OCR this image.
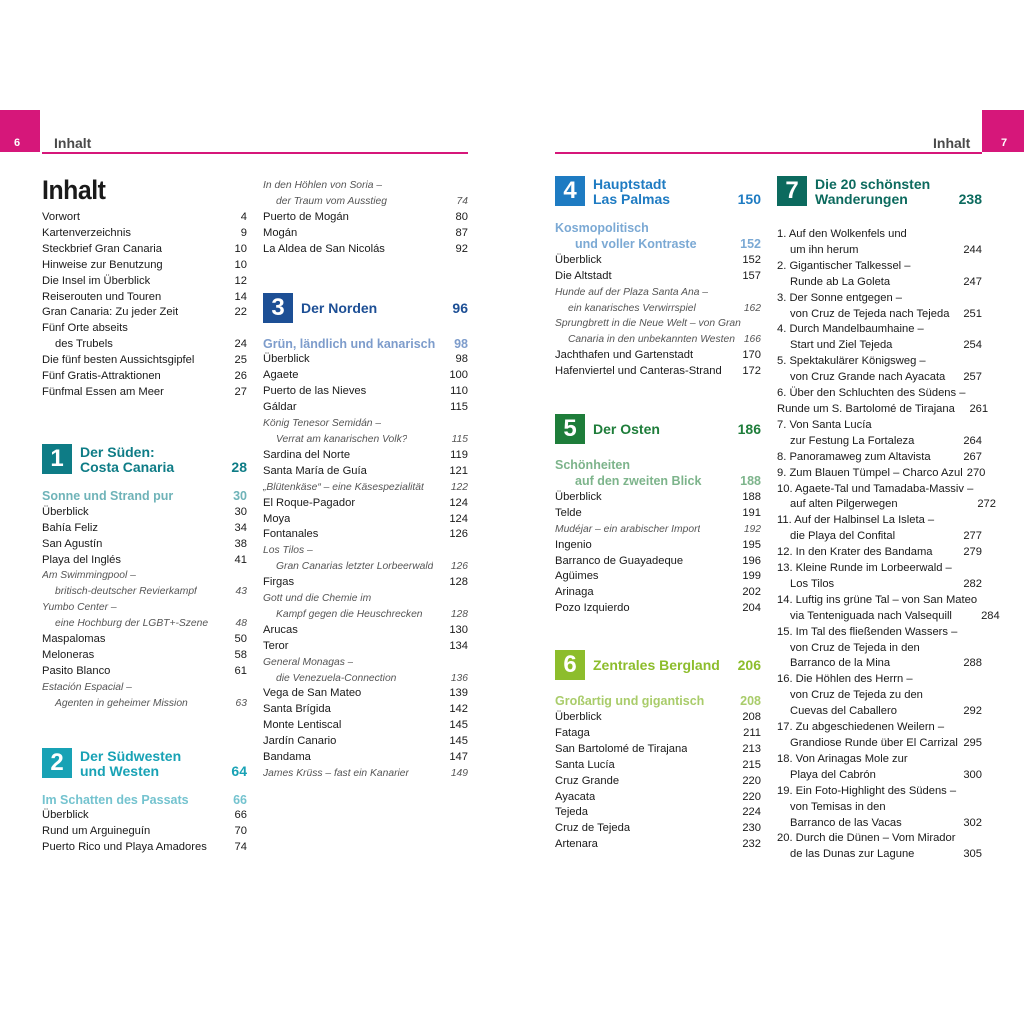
6 Inhalt	7
Inhalt
Inhalt
Vorwort	4
Kartenverzeichnis	9
Steckbrief Gran Canaria	10
Hinweise zur Benutzung	10
Die Insel im Überblick	12
Reiserouten und Touren	14
Gran Canaria: Zu jeder Zeit	22
Fünf Orte abseits
des Trubels	24
Die fünf besten Aussichtsgipfel	25
Fünf Gratis-Attraktionen	26
Fünfmal Essen am Meer	27
1	Der Süden:
Costa Canaria	28
Sonne und Strand pur	30
Überblick	30
Bahía Feliz	34
San Agustín	38
Playa del Inglés	41
Am Swimmingpool –
britisch-deutscher Revierkampf	43
Yumbo Center –
eine Hochburg der LGBT+-Szene	48
Maspalomas	50
Meloneras	58
Pasito Blanco	61
Estación Espacial –
Agenten in geheimer Mission	63
2	Der Südwesten
und Westen	64
Im Schatten des Passats	66
Überblick	66
Rund um Arguineguín	70
Puerto Rico und Playa Amadores	74
In den Höhlen von Soria –
der Traum vom Ausstieg	74
Puerto de Mogán	80
Mogán	87
La Aldea de San Nicolás	92
3	Der Norden	96
Grün, ländlich und kanarisch 98
Überblick	98
Agaete	100
Puerto de las Nieves	110
Gáldar	115
König Tenesor Semidán –
Verrat am kanarischen Volk?	115
Sardina del Norte	119
Santa María de Guía	121
„Blütenkäse“ – eine Käsespezialität	122
El Roque-Pagador	124
Moya	124
Fontanales	126
Los Tilos –
Gran Canarias letzter Lorbeerwald	126
Firgas	128
Gott und die Chemie im
Kampf gegen die Heuschrecken	128
Arucas	130
Teror	134
General Monagas –
die Venezuela-Connection	136
Vega de San Mateo	139
Santa Brígida	142
Monte Lentiscal	145
Jardín Canario	145
Bandama	147
James Krüss – fast ein Kanarier	149
4	Hauptstadt
Las Palmas	150
Kosmopolitisch
und voller Kontraste	152
Überblick	152
Die Altstadt	157
Hunde auf der Plaza Santa Ana –
ein kanarisches Verwirrspiel	162
Sprungbrett in die Neue Welt – von Gran
Canaria in den unbekannten Westen 166
Jachthafen und Gartenstadt	170
Hafenviertel und Canteras-Strand	172
5	Der Osten	186
Schönheiten
auf den zweiten Blick	188
Überblick	188
Telde	191
Mudéjar – ein arabischer Import	192
Ingenio	195
Barranco de Guayadeque	196
Agüimes	199
Arinaga	202
Pozo Izquierdo	204
6	Zentrales Bergland	206
Großartig und gigantisch	208
Überblick	208
Fataga	211
San Bartolomé de Tirajana	213
Santa Lucía	215
Cruz Grande	220
Ayacata	220
Tejeda	224
Cruz de Tejeda	230
Artenara	232
7	Die 20 schönsten
Wanderungen	238
1. Auf den Wolkenfels und
um ihn herum	244
2. Gigantischer Talkessel –
Runde ab La Goleta	247
3. Der Sonne entgegen –
von Cruz de Tejeda nach Tejeda	251
4. Durch Mandelbaumhaine –
Start und Ziel Tejeda	254
5. Spektakulärer Königsweg –
von Cruz Grande nach Ayacata	257
6. Über den Schluchten des Südens –
Runde um S. Bartolomé de Tirajana	261
7. Von Santa Lucía
zur Festung La Fortaleza	264
8. Panoramaweg zum Altavista	267
9. Zum Blauen Tümpel – Charco Azul 270
10. Agaete-Tal und Tamadaba-Massiv –
auf alten Pilgerwegen	272
11. Auf der Halbinsel La Isleta –
die Playa del Confital	277
12. In den Krater des Bandama	279
13. Kleine Runde im Lorbeerwald –
Los Tilos	282
14. Luftig ins grüne Tal – von San Mateo
via Tenteniguada nach Valsequill	284
15. Im Tal des fließenden Wassers –
von Cruz de Tejeda in den
Barranco de la Mina	288
16. Die Höhlen des Herrn –
von Cruz de Tejeda zu den
Cuevas del Caballero	292
17. Zu abgeschiedenen Weilern –
Grandiose Runde über El Carrizal 295
18. Von Arinagas Mole zur
Playa del Cabrón	300
19. Ein Foto-Highlight des Südens –
von Temisas in den
Barranco de las Vacas	302
20. Durch die Dünen – Vom Mirador
de las Dunas zur Lagune	305
